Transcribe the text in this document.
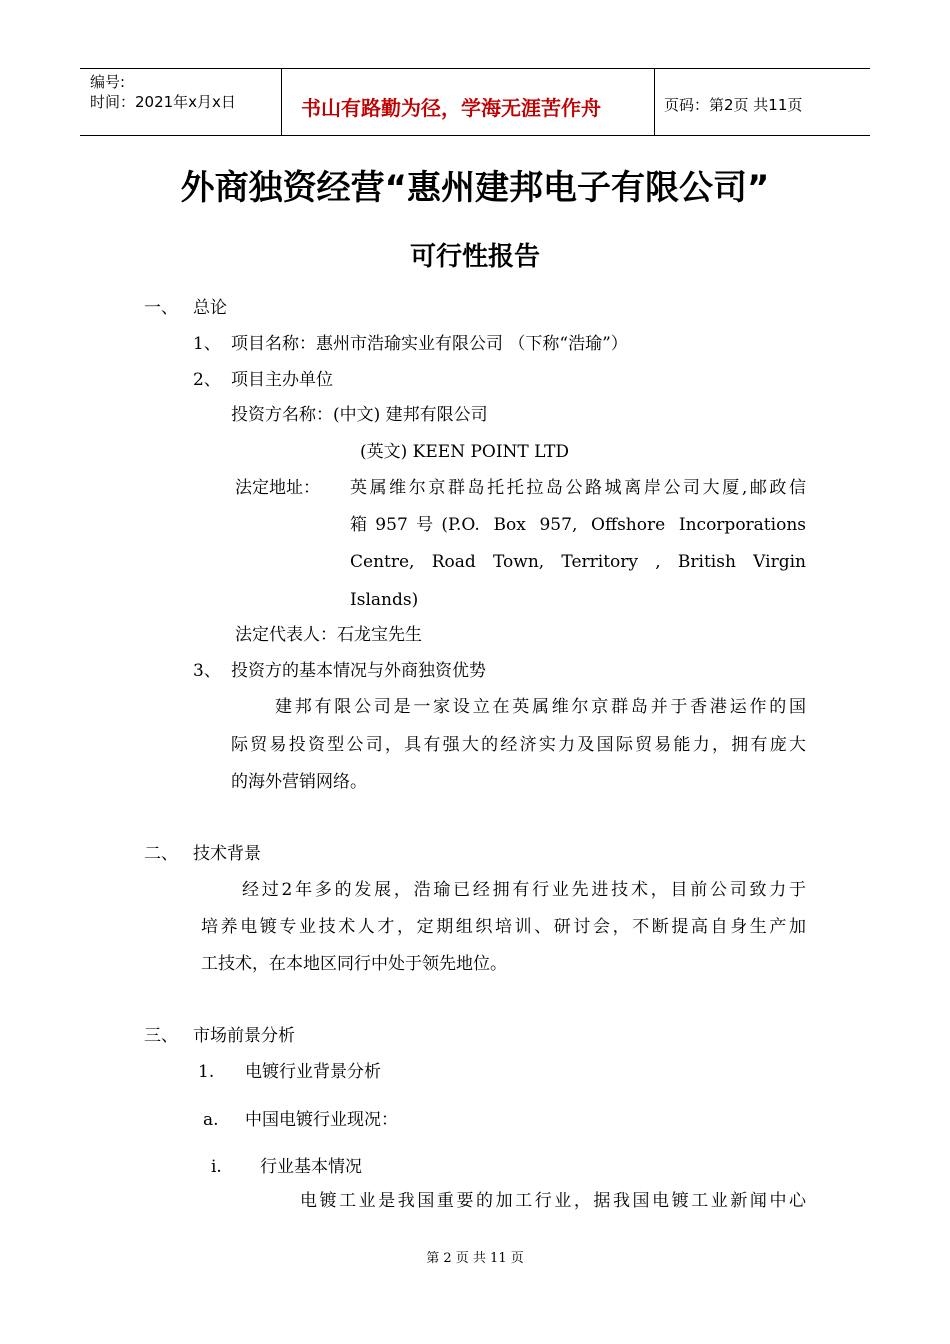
编号:
时间：2021年x月x日	书山有路勤为径，学海无涯苦作舟	页码：第2页 共11页
外商独资经营“惠州建邦电子有限公司”
可行性报告
一、 总论
1、 项目名称：惠州市浩瑜实业有限公司 （下称“浩瑜”）
2、 项目主办单位
投资方名称：(中文) 建邦有限公司
(英文) KEEN POINT LTD
法定地址： 英属维尔京群岛托托拉岛公路城离岸公司大厦,邮政信
箱957号(P.O. Box 957, Offshore Incorporations
Centre, Road Town, Territory , British Virgin
Islands)
法定代表人：石龙宝先生
3、 投资方的基本情况与外商独资优势
建邦有限公司是一家设立在英属维尔京群岛并于香港运作的国
际贸易投资型公司，具有强大的经济实力及国际贸易能力，拥有庞大
的海外营销网络。
二、 技术背景
经过2年多的发展，浩瑜已经拥有行业先进技术，目前公司致力于
培养电镀专业技术人才，定期组织培训、研讨会，不断提高自身生产加
工技术，在本地区同行中处于领先地位。
三、 市场前景分析
1. 电镀行业背景分析
a. 中国电镀行业现况：
i. 行业基本情况
电镀工业是我国重要的加工行业，据我国电镀工业新闻中心
第 2 页 共 11 页
